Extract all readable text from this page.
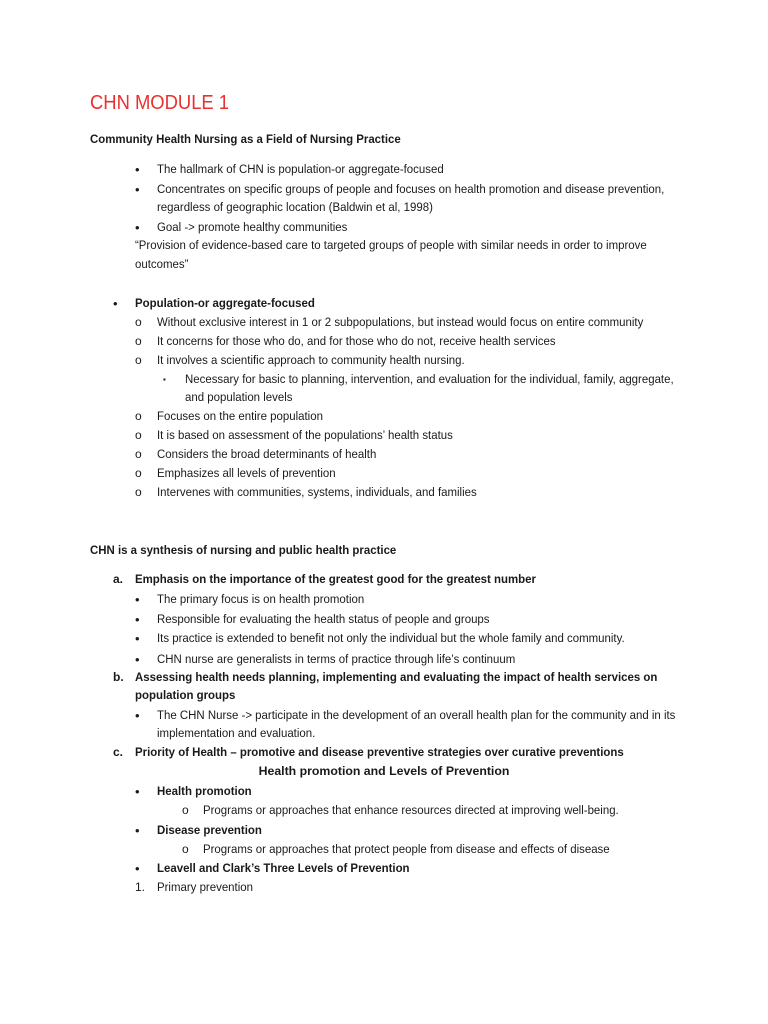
CHN MODULE 1
Community Health Nursing as a Field of Nursing Practice
• The hallmark of CHN is population-or aggregate-focused
• Concentrates on specific groups of people and focuses on health promotion and disease prevention,
regardless of geographic location (Baldwin et al, 1998)
• Goal -> promote healthy communities
“Provision of evidence-based care to targeted groups of people with similar needs in order to improve
outcomes”
• Population-or aggregate-focused
o Without exclusive interest in 1 or 2 subpopulations, but instead would focus on entire community
o It concerns for those who do, and for those who do not, receive health services
o It involves a scientific approach to community health nursing.
▪ Necessary for basic to planning, intervention, and evaluation for the individual, family, aggregate,
and population levels
o Focuses on the entire population
o It is based on assessment of the populations’ health status
o Considers the broad determinants of health
o Emphasizes all levels of prevention
o Intervenes with communities, systems, individuals, and families
CHN is a synthesis of nursing and public health practice
a. Emphasis on the importance of the greatest good for the greatest number
• The primary focus is on health promotion
• Responsible for evaluating the health status of people and groups
• Its practice is extended to benefit not only the individual but the whole family and community.
• CHN nurse are generalists in terms of practice through life’s continuum
b. Assessing health needs planning, implementing and evaluating the impact of health services on
population groups
• The CHN Nurse -> participate in the development of an overall health plan for the community and in its
implementation and evaluation.
c. Priority of Health – promotive and disease preventive strategies over curative preventions
Health promotion and Levels of Prevention
• Health promotion
o Programs or approaches that enhance resources directed at improving well-being.
• Disease prevention
o Programs or approaches that protect people from disease and effects of disease
• Leavell and Clark’s Three Levels of Prevention
1. Primary prevention
